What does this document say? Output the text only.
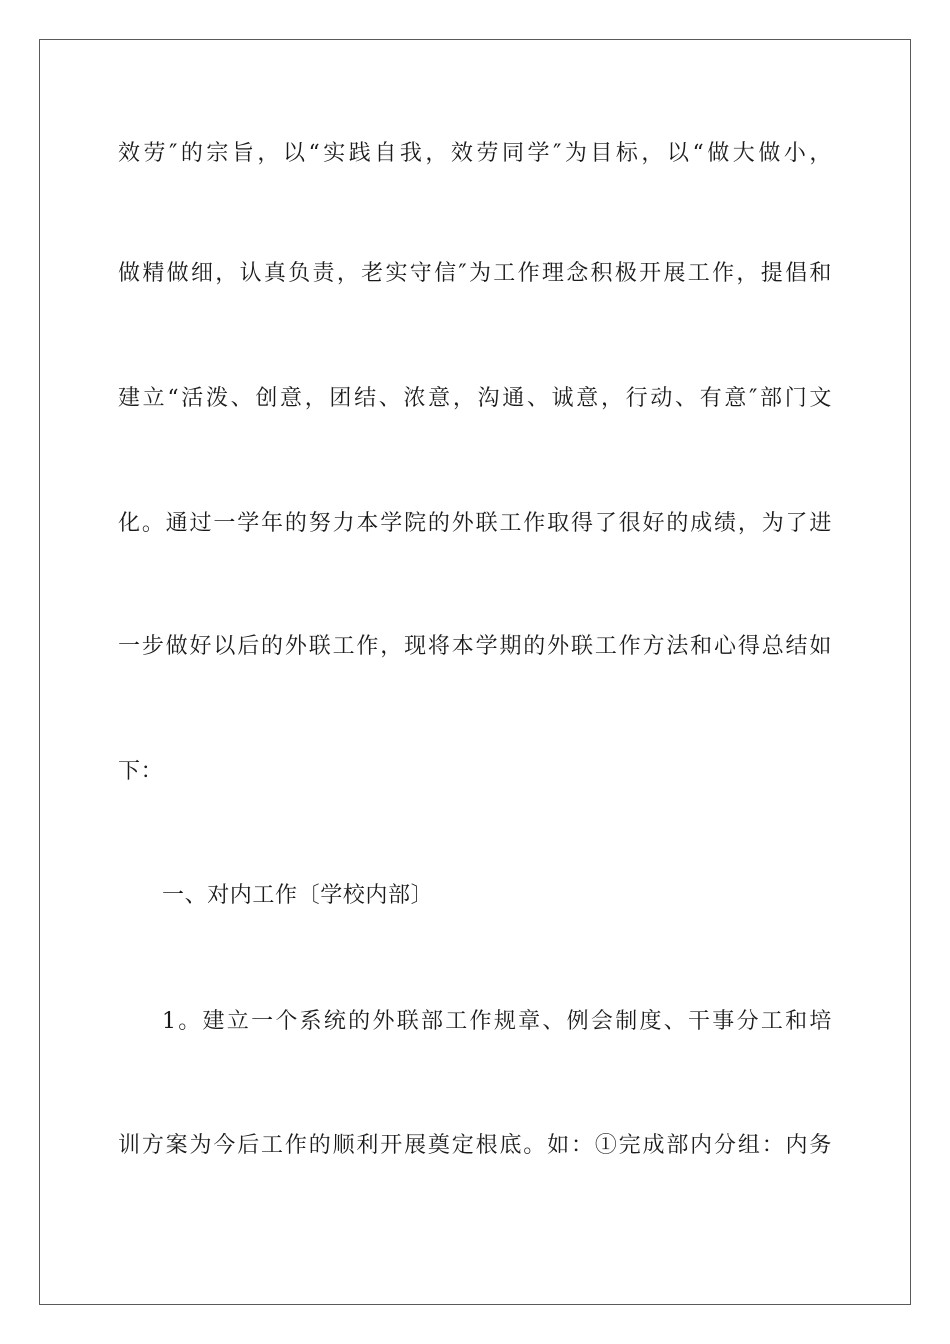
效劳″的宗旨，以“实践自我，效劳同学″为目标，以“做大做小，
做精做细，认真负责，老实守信″为工作理念积极开展工作，提倡和
建立“活泼、创意，团结、浓意，沟通、诚意，行动、有意″部门文
化。通过一学年的努力本学院的外联工作取得了很好的成绩，为了进
一步做好以后的外联工作，现将本学期的外联工作方法和心得总结如
下：
一、对内工作〔学校内部〕
1。建立一个系统的外联部工作规章、例会制度、干事分工和培
训方案为今后工作的顺利开展奠定根底。如：①完成部内分组：内务
